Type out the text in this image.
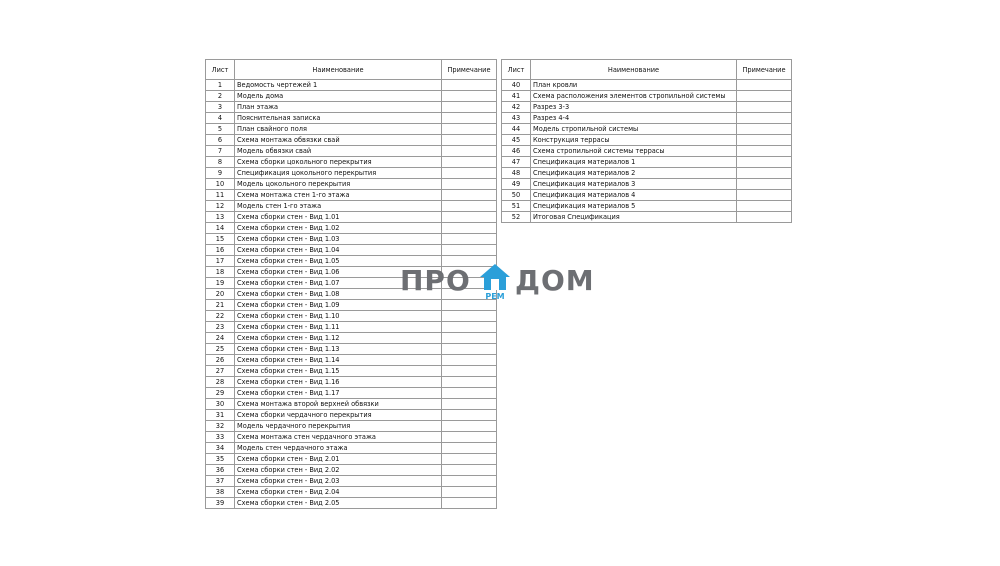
Лист	Наименование	Примечание
1	Ведомость чертежей 1	
2	Модель дома	
3	План этажа	
4	Пояснительная записка	
5	План свайного поля	
6	Схема монтажа обвязки свай	
7	Модель обвязки свай	
8	Схема сборки цокольного перекрытия	
9	Спецификация цокольного перекрытия	
10	Модель цокольного перекрытия	
11	Схема монтажа стен 1-го этажа	
12	Модель стен 1-го этажа	
13	Схема сборки стен - Вид 1.01	
14	Схема сборки стен - Вид 1.02	
15	Схема сборки стен - Вид 1.03	
16	Схема сборки стен - Вид 1.04	
17	Схема сборки стен - Вид 1.05	
18	Схема сборки стен - Вид 1.06	
19	Схема сборки стен - Вид 1.07	
20	Схема сборки стен - Вид 1.08	
21	Схема сборки стен - Вид 1.09	
22	Схема сборки стен - Вид 1.10	
23	Схема сборки стен - Вид 1.11	
24	Схема сборки стен - Вид 1.12	
25	Схема сборки стен - Вид 1.13	
26	Схема сборки стен - Вид 1.14	
27	Схема сборки стен - Вид 1.15	
28	Схема сборки стен - Вид 1.16	
29	Схема сборки стен - Вид 1.17	
30	Схема монтажа второй верхней обвязки	
31	Схема сборки чердачного перекрытия	
32	Модель чердачного перекрытия	
33	Схема монтажа стен чердачного этажа	
34	Модель стен чердачного этажа	
35	Схема сборки стен - Вид 2.01	
36	Схема сборки стен - Вид 2.02	
37	Схема сборки стен - Вид 2.03	
38	Схема сборки стен - Вид 2.04	
39	Схема сборки стен - Вид 2.05	
Лист	Наименование	Примечание
40	План кровли	
41	Схема расположения элементов стропильной системы	
42	Разрез 3-3	
43	Разрез 4-4	
44	Модель стропильной системы	
45	Конструкция террасы	
46	Схема стропильной системы террасы	
47	Спецификация материалов 1	
48	Спецификация материалов 2	
49	Спецификация материалов 3	
50	Спецификация материалов 4	
51	Спецификация материалов 5	
52	Итоговая Спецификация	
ПРО РЕМ ДОМ
